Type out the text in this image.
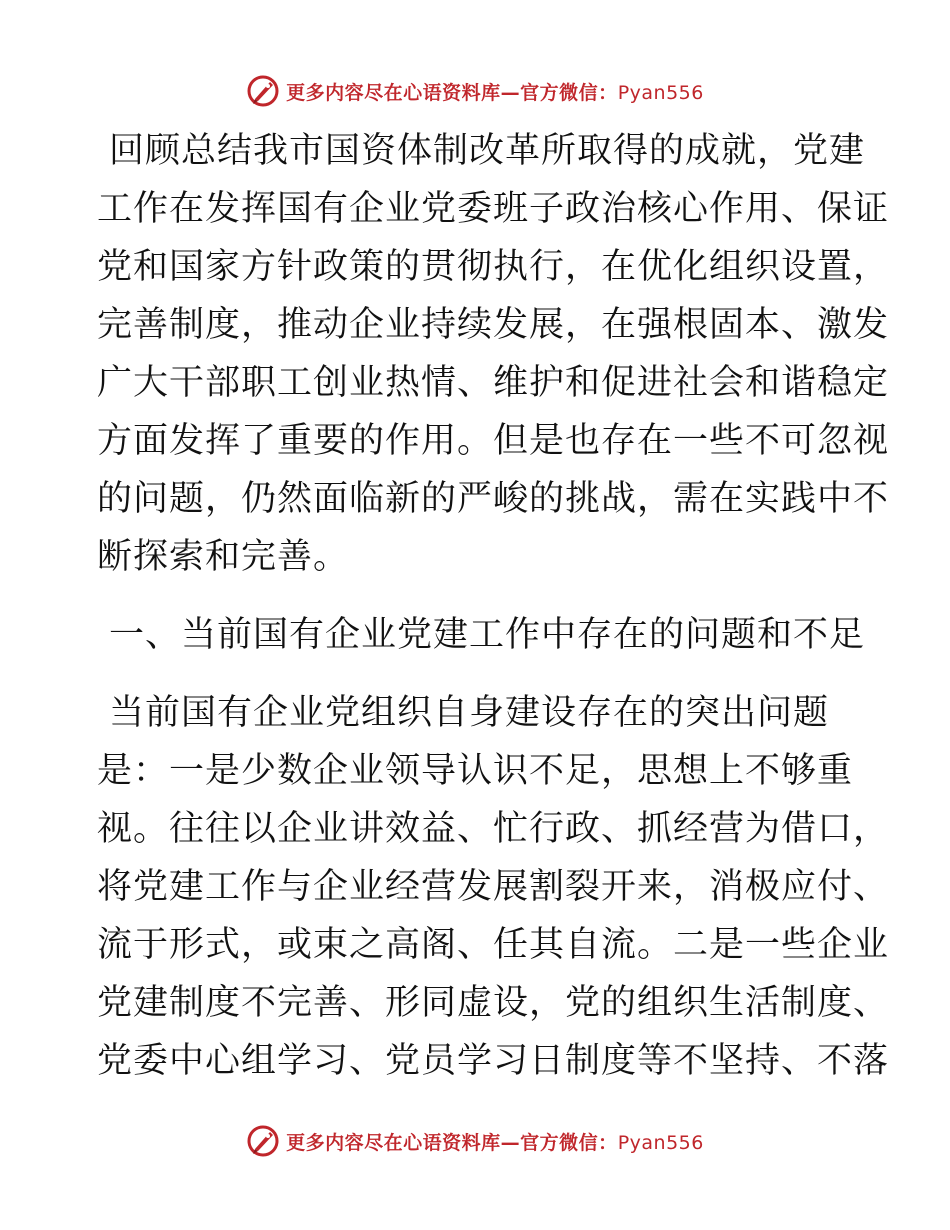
更多内容尽在心语资料库—官方微信：Pyan556
回顾总结我市国资体制改革所取得的成就，党建
工作在发挥国有企业党委班子政治核心作用、保证
党和国家方针政策的贯彻执行，在优化组织设置，
完善制度，推动企业持续发展，在强根固本、激发
广大干部职工创业热情、维护和促进社会和谐稳定
方面发挥了重要的作用。但是也存在一些不可忽视
的问题，仍然面临新的严峻的挑战，需在实践中不
断探索和完善。
一、当前国有企业党建工作中存在的问题和不足
当前国有企业党组织自身建设存在的突出问题
是：一是少数企业领导认识不足，思想上不够重
视。往往以企业讲效益、忙行政、抓经营为借口，
将党建工作与企业经营发展割裂开来，消极应付、
流于形式，或束之高阁、任其自流。二是一些企业
党建制度不完善、形同虚设，党的组织生活制度、
党委中心组学习、党员学习日制度等不坚持、不落
更多内容尽在心语资料库—官方微信：Pyan556
